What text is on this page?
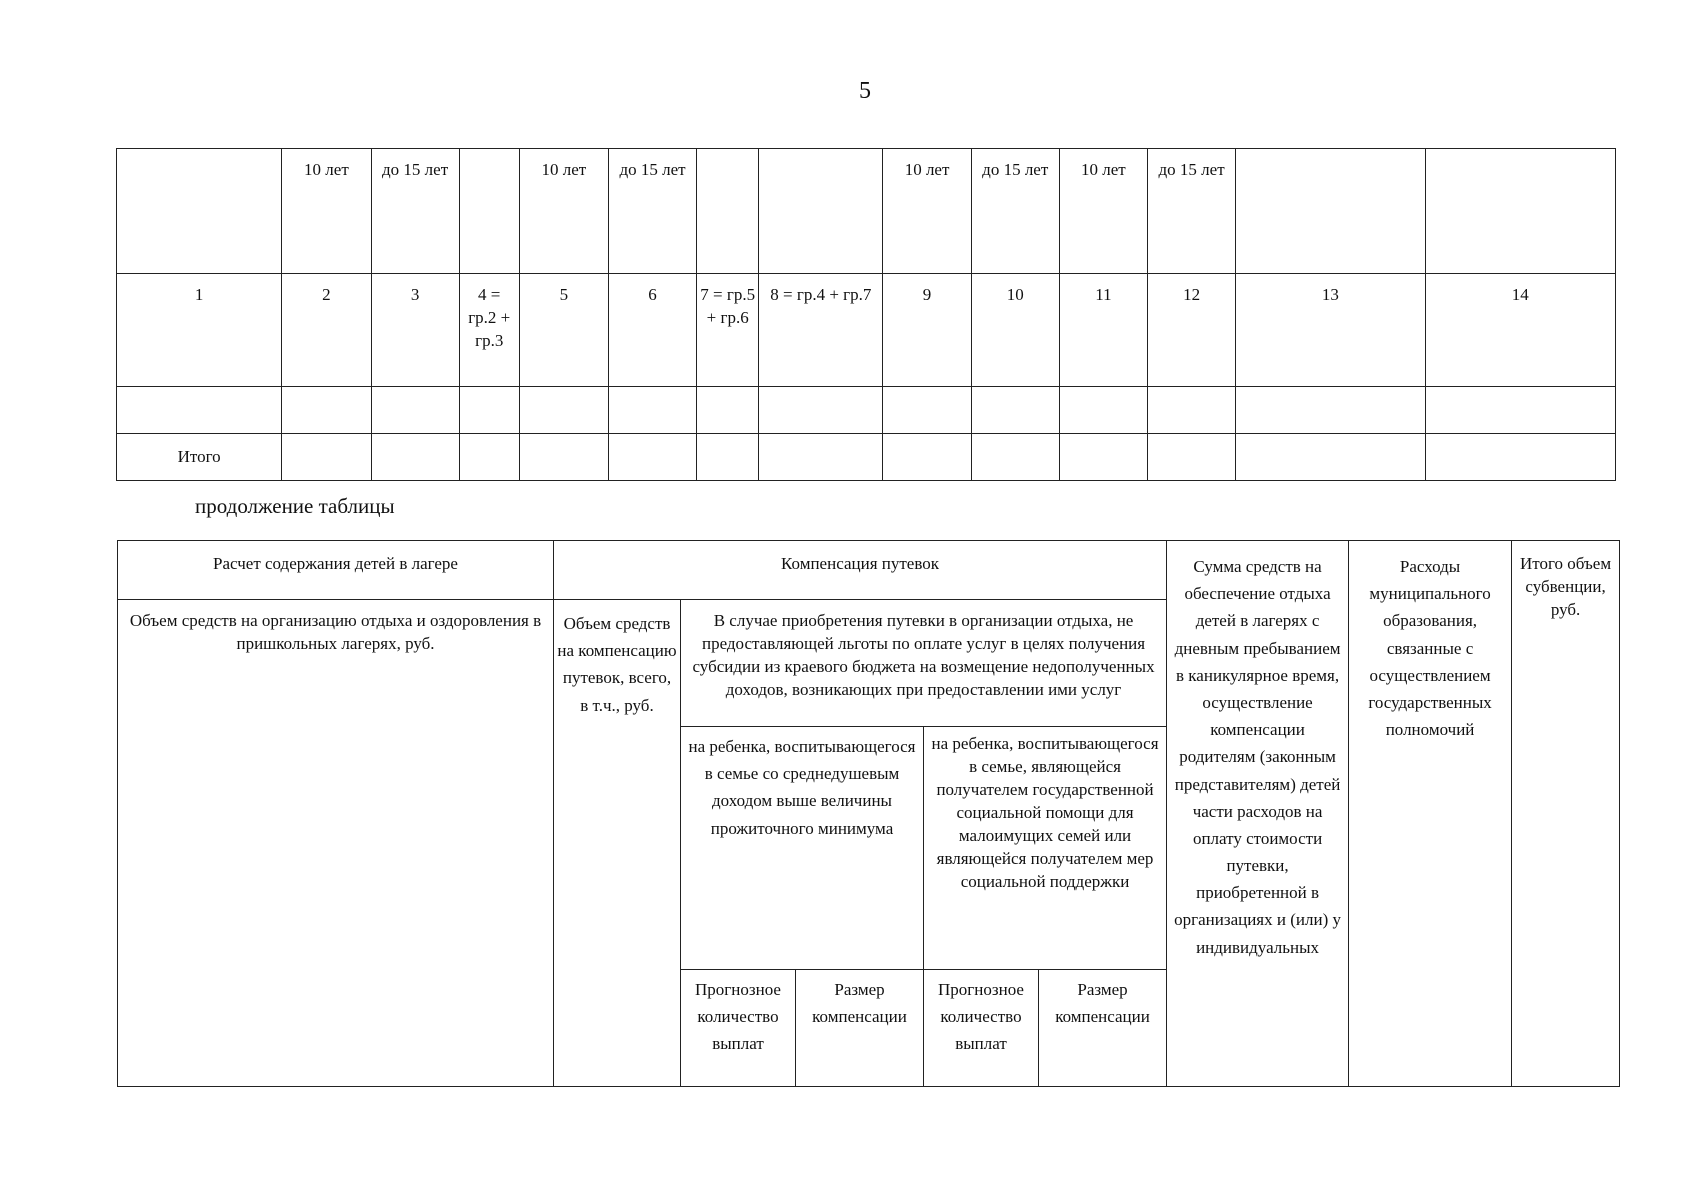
5
	10 лет	до 15 лет		10 лет	до 15 лет			10 лет	до 15 лет	10 лет	до 15 лет		
1	2	3	4 = гр.2 + гр.3	5	6	7 = гр.5 + гр.6	8 = гр.4 + гр.7	9	10	11	12	13	14

Итого													
продолжение таблицы
Расчет содержания детей в лагере	Компенсация путевок					Сумма средств на обеспечение отдыха детей в лагерях с дневным пребыванием в каникулярное время, осуществление компенсации родителям (законным представителям) детей части расходов на оплату стоимости путевки, приобретенной в организациях и (или) у индивидуальных	Расходы муниципального образования, связанные с осуществлением государственных полномочий	Итого объем субвенции, руб.
Объем средств на организацию отдыха и оздоровления в пришкольных лагерях, руб.	Объем средств на компенсацию путевок, всего, в т.ч., руб.	В случае приобретения путевки в организации отдыха, не предоставляющей льготы по оплате услуг в целях получения субсидии из краевого бюджета на возмещение недополученных доходов, возникающих при предоставлении ими услуг						
		на ребенка, воспитывающегося в семье со среднедушевым доходом выше величины прожиточного минимума		на ребенка, воспитывающегося в семье, являющейся получателем государственной социальной помощи для малоимущих семей или являющейся получателем мер социальной поддержки				
		Прогнозное количество выплат	Размер компенсации	Прогнозное количество выплат	Размер компенсации			
